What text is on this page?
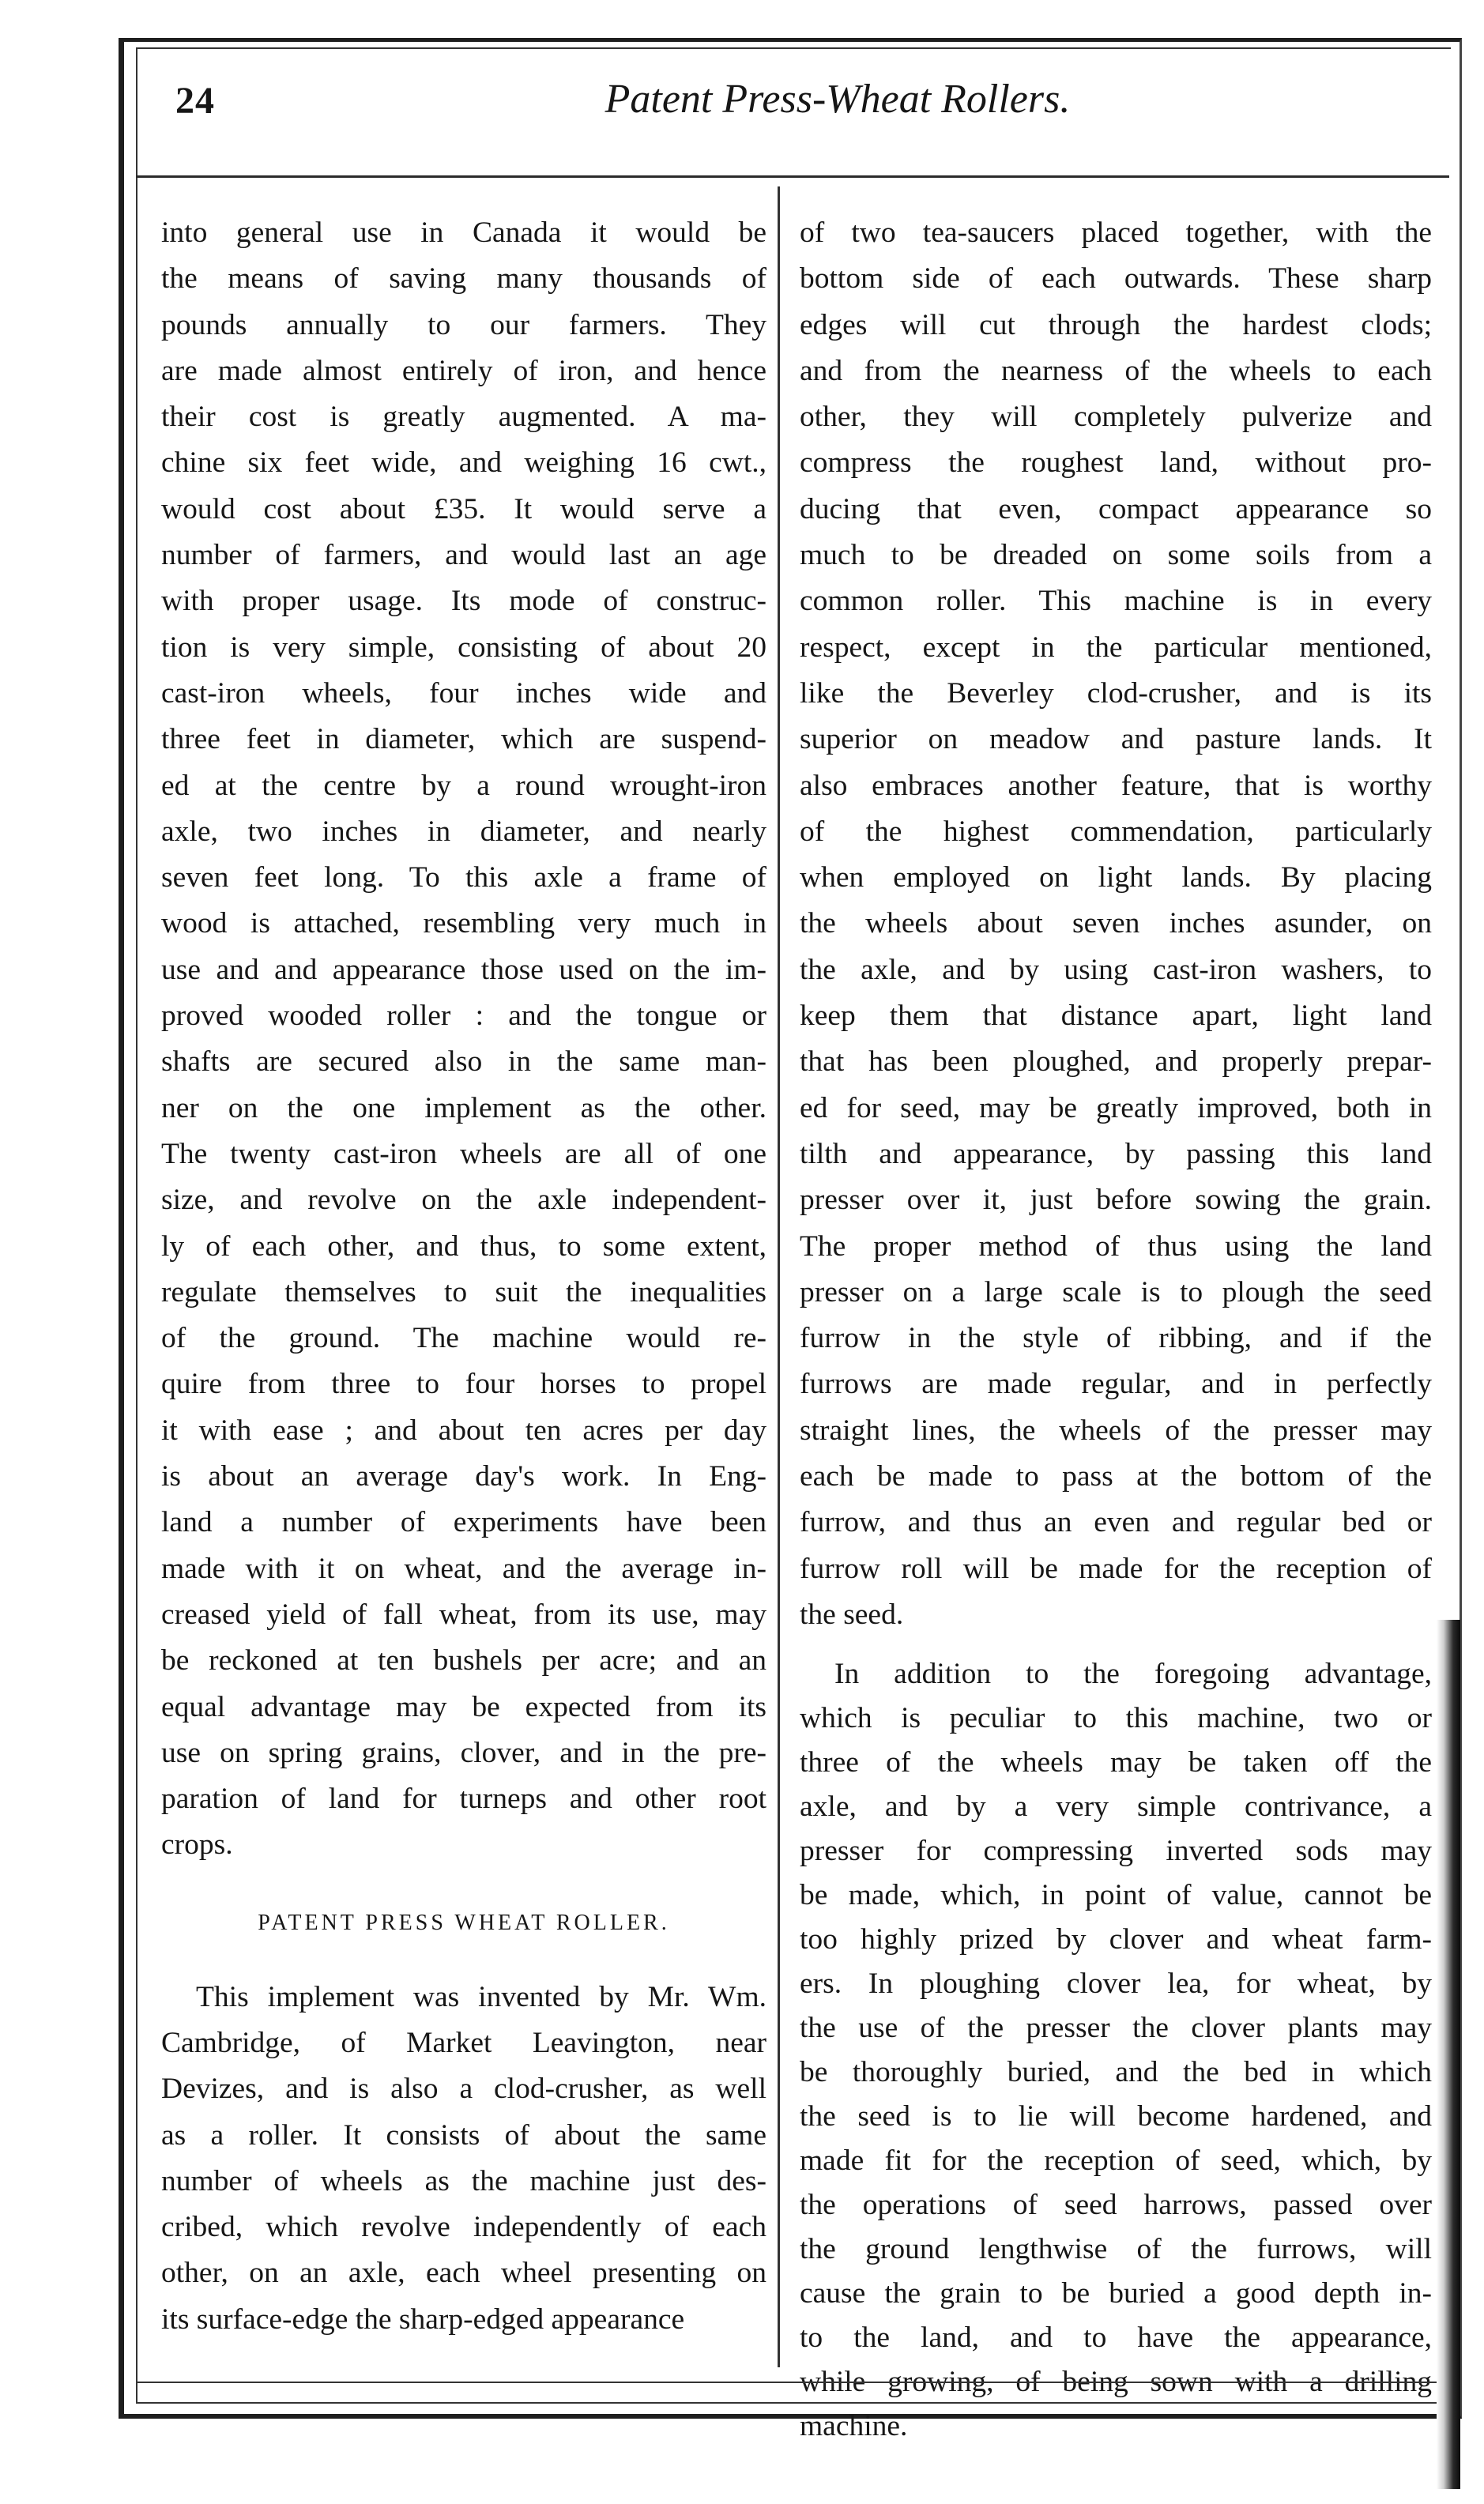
24	Patent Press-Wheat Rollers.
into general use in Canada it would be
the means of saving many thousands of
pounds annually to our farmers. They
are made almost entirely of iron, and hence
their cost is greatly augmented. A ma-
chine six feet wide, and weighing 16 cwt.,
would cost about £35. It would serve a
number of farmers, and would last an age
with proper usage. Its mode of construc-
tion is very simple, consisting of about 20
cast-iron wheels, four inches wide and
three feet in diameter, which are suspend-
ed at the centre by a round wrought-iron
axle, two inches in diameter, and nearly
seven feet long. To this axle a frame of
wood is attached, resembling very much in
use and and appearance those used on the im-
proved wooded roller : and the tongue or
shafts are secured also in the same man-
ner on the one implement as the other.
The twenty cast-iron wheels are all of one
size, and revolve on the axle independent-
ly of each other, and thus, to some extent,
regulate themselves to suit the inequalities
of the ground. The machine would re-
quire from three to four horses to propel
it with ease ; and about ten acres per day
is about an average day's work. In Eng-
land a number of experiments have been
made with it on wheat, and the average in-
creased yield of fall wheat, from its use, may
be reckoned at ten bushels per acre; and an
equal advantage may be expected from its
use on spring grains, clover, and in the pre-
paration of land for turneps and other root
crops.
PATENT PRESS WHEAT ROLLER.
This implement was invented by Mr. Wm.
Cambridge, of Market Leavington, near
Devizes, and is also a clod-crusher, as well
as a roller. It consists of about the same
number of wheels as the machine just des-
cribed, which revolve independently of each
other, on an axle, each wheel presenting on
its surface-edge the sharp-edged appearance
of two tea-saucers placed together, with the
bottom side of each outwards. These sharp
edges will cut through the hardest clods;
and from the nearness of the wheels to each
other, they will completely pulverize and
compress the roughest land, without pro-
ducing that even, compact appearance so
much to be dreaded on some soils from a
common roller. This machine is in every
respect, except in the particular mentioned,
like the Beverley clod-crusher, and is its
superior on meadow and pasture lands. It
also embraces another feature, that is worthy
of the highest commendation, particularly
when employed on light lands. By placing
the wheels about seven inches asunder, on
the axle, and by using cast-iron washers, to
keep them that distance apart, light land
that has been ploughed, and properly prepar-
ed for seed, may be greatly improved, both in
tilth and appearance, by passing this land
presser over it, just before sowing the grain.
The proper method of thus using the land
presser on a large scale is to plough the seed
furrow in the style of ribbing, and if the
furrows are made regular, and in perfectly
straight lines, the wheels of the presser may
each be made to pass at the bottom of the
furrow, and thus an even and regular bed or
furrow roll will be made for the reception of
the seed.
In addition to the foregoing advantage,
which is peculiar to this machine, two or
three of the wheels may be taken off the
axle, and by a very simple contrivance, a
presser for compressing inverted sods may
be made, which, in point of value, cannot be
too highly prized by clover and wheat farm-
ers. In ploughing clover lea, for wheat, by
the use of the presser the clover plants may
be thoroughly buried, and the bed in which
the seed is to lie will become hardened, and
made fit for the reception of seed, which, by
the operations of seed harrows, passed over
the ground lengthwise of the furrows, will
cause the grain to be buried a good depth in-
to the land, and to have the appearance,
while growing, of being sown with a drilling
machine.
